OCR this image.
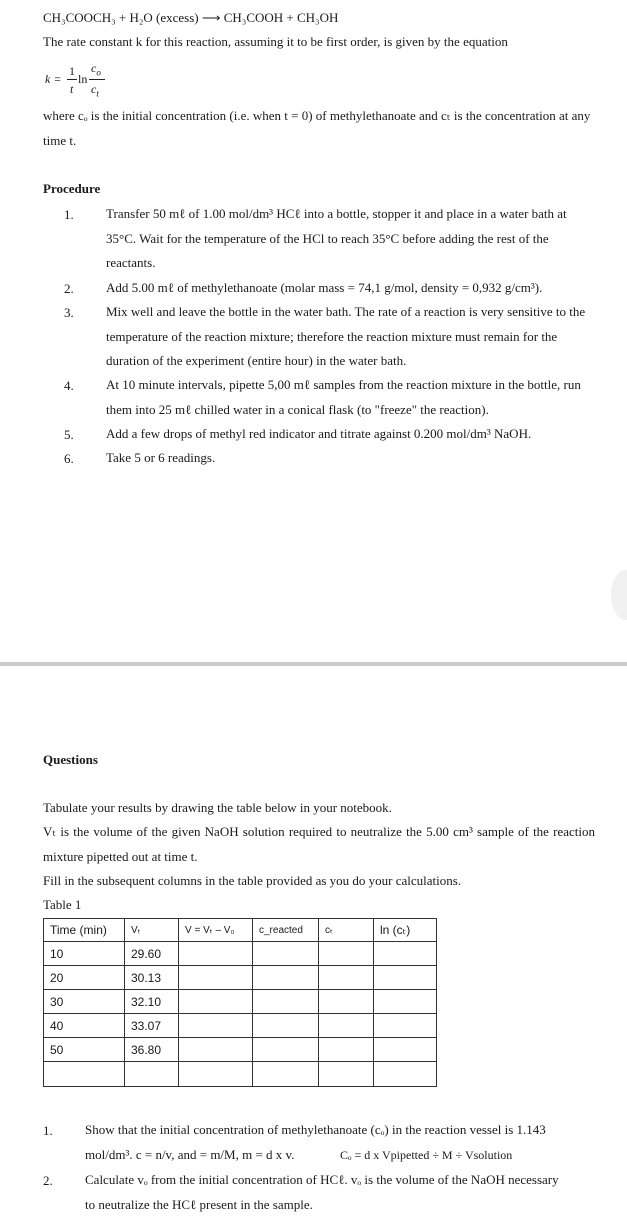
CH₃COOCH₃ + H₂O (excess) ⟶ CH₃COOH + CH₃OH
The rate constant k for this reaction, assuming it to be first order, is given by the equation
k =
1
t
ln
$c_o$
$c_t$
where cₒ is the initial concentration (i.e. when t = 0) of methylethanoate and cₜ is the concentration at any time t.
Procedure
1. Transfer 50 mℓ of 1.00 mol/dm³ HCℓ into a bottle, stopper it and place in a water bath at 35°C. Wait for the temperature of the HCl to reach 35°C before adding the rest of the reactants.
2. Add 5.00 mℓ of methylethanoate (molar mass = 74,1 g/mol, density = 0,932 g/cm³).
3. Mix well and leave the bottle in the water bath. The rate of a reaction is very sensitive to the temperature of the reaction mixture; therefore the reaction mixture must remain for the duration of the experiment (entire hour) in the water bath.
4. At 10 minute intervals, pipette 5,00 mℓ samples from the reaction mixture in the bottle, run them into 25 mℓ chilled water in a conical flask (to "freeze" the reaction).
5. Add a few drops of methyl red indicator and titrate against 0.200 mol/dm³ NaOH.
6. Take 5 or 6 readings.
Questions
Tabulate your results by drawing the table below in your notebook.
Vₜ is the volume of the given NaOH solution required to neutralize the 5.00 cm³ sample of the reaction mixture pipetted out at time t.
Fill in the subsequent columns in the table provided as you do your calculations.
Table 1
Time (min)	Vₜ	V = Vₜ – V₀	c_reacted	cₜ	ln (cₜ)
10	29.60				
20	30.13				
30	32.10				
40	33.07				
50	36.80				

1. Show that the initial concentration of methylethanoate (cₒ) in the reaction vessel is 1.143
mol/dm³. c = n/v, and = m/M, m = d x v.	Cₒ = d x Vpipetted ÷ M ÷ Vsolution
2. Calculate vₒ from the initial concentration of HCℓ. vₒ is the volume of the NaOH necessary
to neutralize the HCℓ present in the sample.
